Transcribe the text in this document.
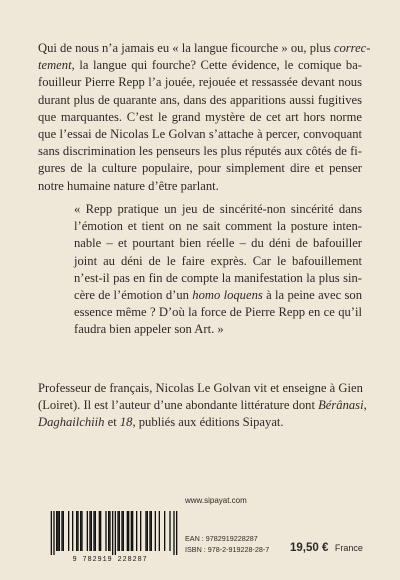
Qui de nous n’a jamais eu « la langue ficourche » ou, plus correc-
tement, la langue qui fourche? Cette évidence, le comique ba-
fouilleur Pierre Repp l’a jouée, rejouée et ressassée devant nous
durant plus de quarante ans, dans des apparitions aussi fugitives
que marquantes. C’est le grand mystère de cet art hors norme
que l’essai de Nicolas Le Golvan s’attache à percer, convoquant
sans discrimination les penseurs les plus réputés aux côtés de fi-
gures de la culture populaire, pour simplement dire et penser
notre humaine nature d’être parlant.
« Repp pratique un jeu de sincérité-non sincérité dans
l’émotion et tient on ne sait comment la posture inten-
nable – et pourtant bien réelle – du déni de bafouiller
joint au déni de le faire exprès. Car le bafouillement
n’est-il pas en fin de compte la manifestation la plus sin-
cère de l’émotion d’un homo loquens à la peine avec son
essence même ? D’où la force de Pierre Repp en ce qu’il
faudra bien appeler son Art. »
Professeur de français, Nicolas Le Golvan vit et enseigne à Gien
(Loiret). Il est l’auteur d’une abondante littérature dont Bérânasi,
Daghailchiih et 18, publiés aux éditions Sipayat.
www.sipayat.com
9 782919 228287
EAN : 9782919228287
ISBN : 978-2-919228-28-7 19,50 € France
